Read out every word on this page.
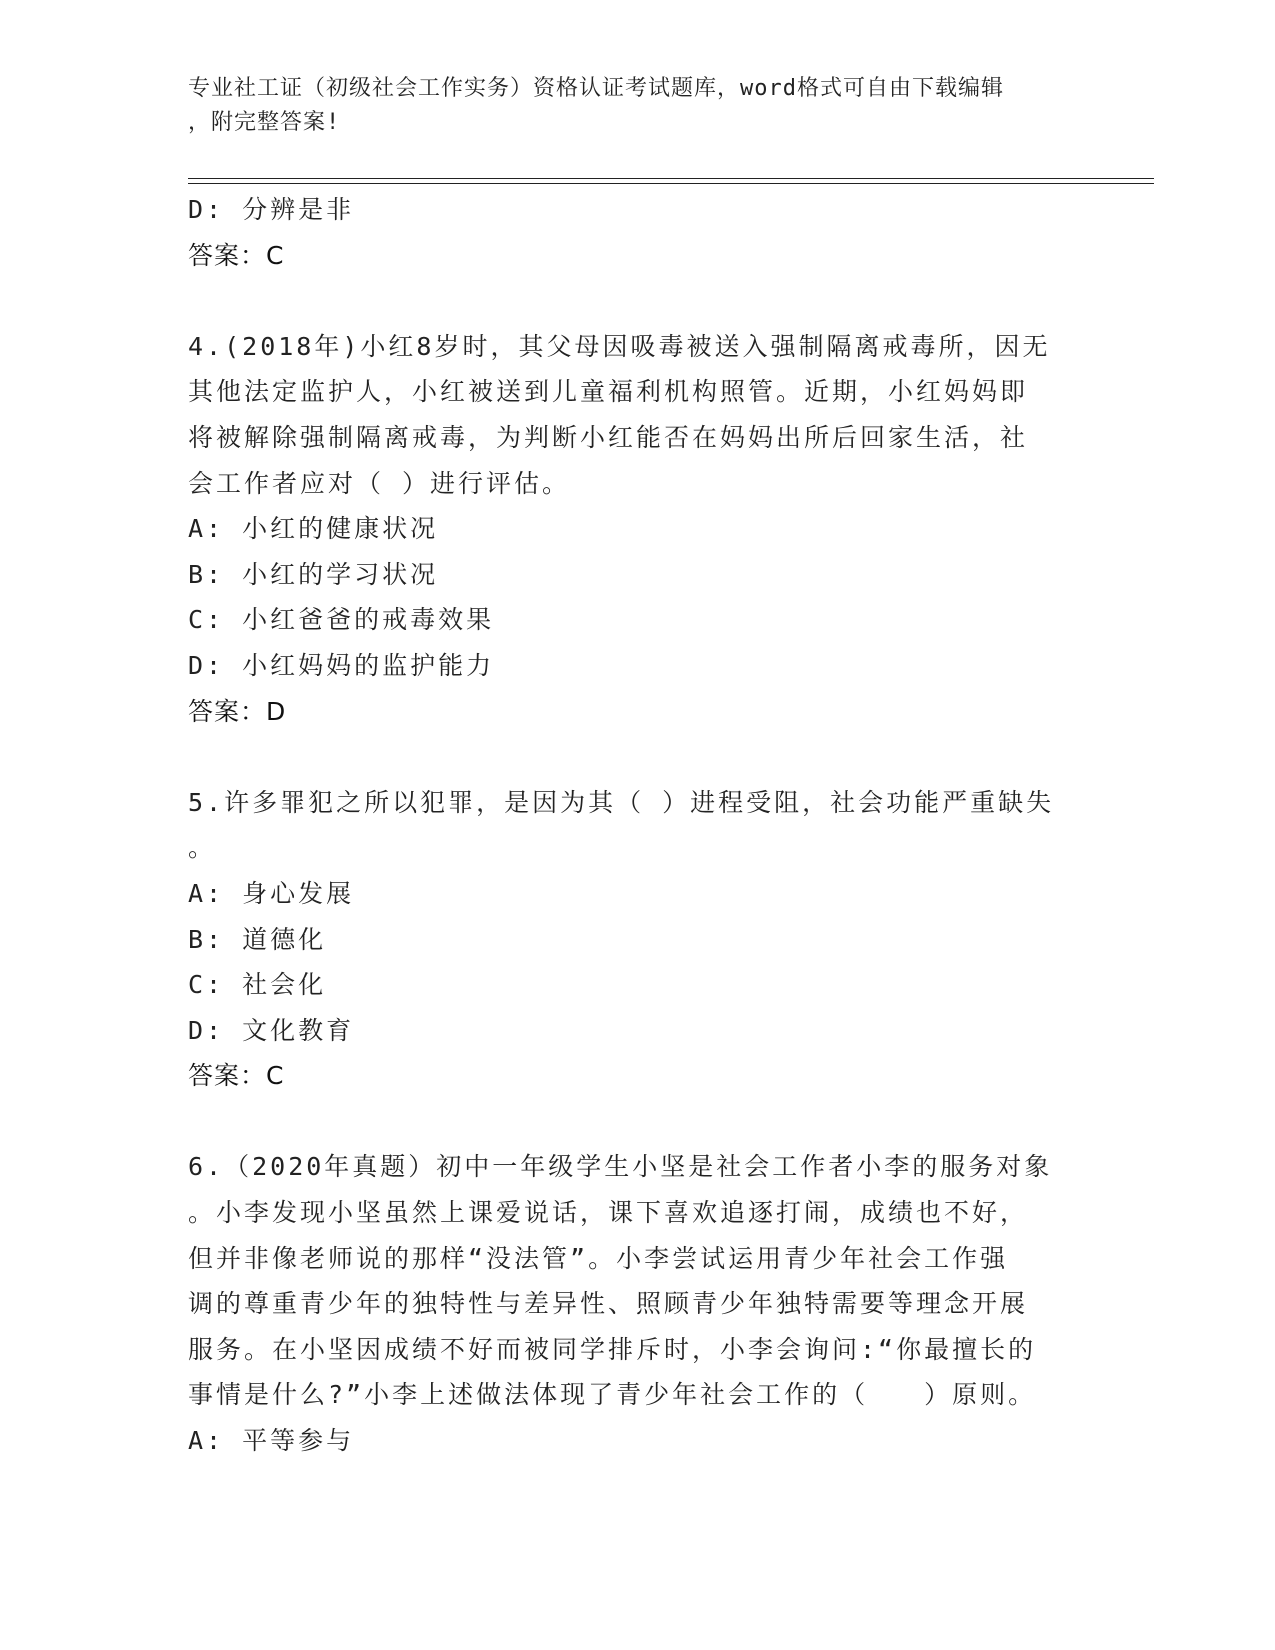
专业社工证（初级社会工作实务）资格认证考试题库，word格式可自由下载编辑
，附完整答案!
D: 分辨是非
答案：C
4.(2018年)小红8岁时，其父母因吸毒被送入强制隔离戒毒所，因无
其他法定监护人，小红被送到儿童福利机构照管。近期，小红妈妈即
将被解除强制隔离戒毒，为判断小红能否在妈妈出所后回家生活，社
会工作者应对（ ）进行评估。
A: 小红的健康状况
B: 小红的学习状况
C: 小红爸爸的戒毒效果
D: 小红妈妈的监护能力
答案：D
5.许多罪犯之所以犯罪，是因为其（ ）进程受阻，社会功能严重缺失
。
A: 身心发展
B: 道德化
C: 社会化
D: 文化教育
答案：C
6.（2020年真题）初中一年级学生小坚是社会工作者小李的服务对象
。小李发现小坚虽然上课爱说话，课下喜欢追逐打闹，成绩也不好，
但并非像老师说的那样“没法管”。小李尝试运用青少年社会工作强
调的尊重青少年的独特性与差异性、照顾青少年独特需要等理念开展
服务。在小坚因成绩不好而被同学排斥时，小李会询问:“你最擅长的
事情是什么?”小李上述做法体现了青少年社会工作的（　　）原则。
A: 平等参与
